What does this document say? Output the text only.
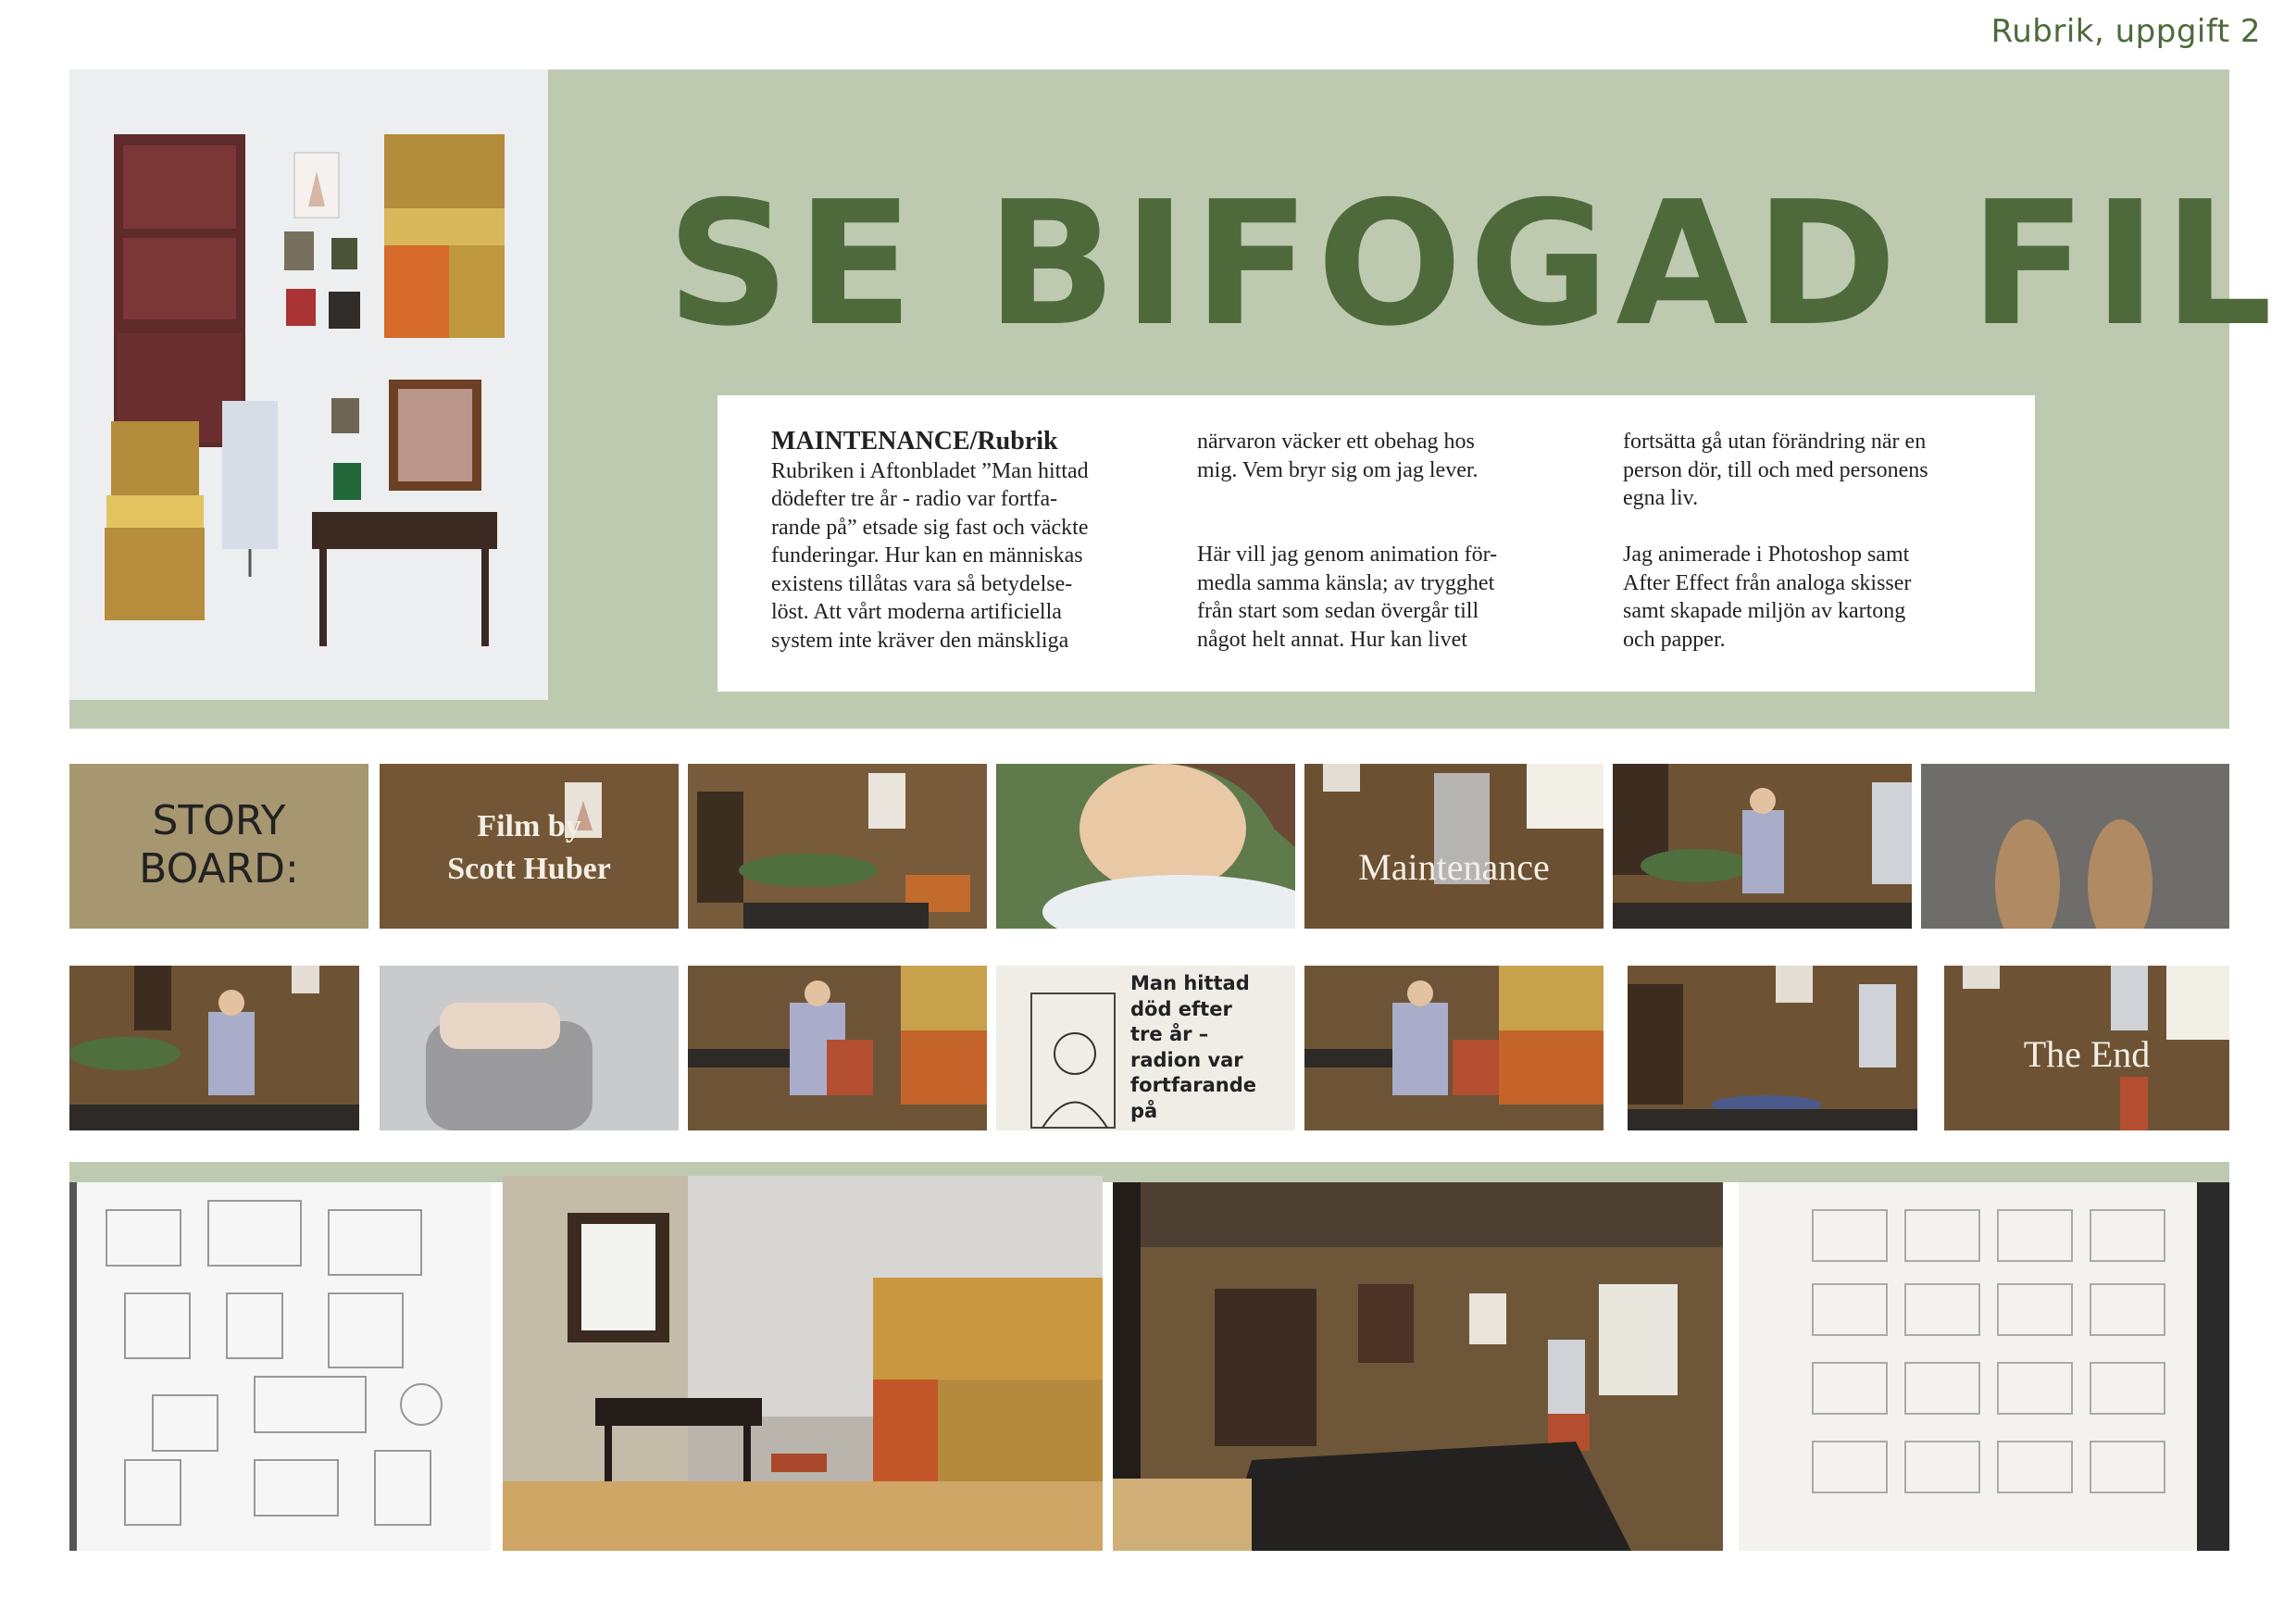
Rubrik, uppgift 2
SE BIFOGAD FIL
MAINTENANCE/Rubrik
Rubriken i Aftonbladet ”Man hittad
dödefter tre år - radio var fortfa-
rande på” etsade sig fast och väckte
funderingar. Hur kan en människas
existens tillåtas vara så betydelse-
löst. Att vårt moderna artificiella
system inte kräver den mänskliga
närvaron väcker ett obehag hos
mig. Vem bryr sig om jag lever.

Här vill jag genom animation för-
medla samma känsla; av trygghet
från start som sedan övergår till
något helt annat. Hur kan livet
fortsätta gå utan förändring när en
person dör, till och med personens
egna liv.

Jag animerade i Photoshop samt
After Effect från analoga skisser
samt skapade miljön av kartong
och papper.
STORY
BOARD:
Film by
Scott Huber	Maintenance
Man hittad
död efter
tre år –
radion var
fortfarande
på
The End
